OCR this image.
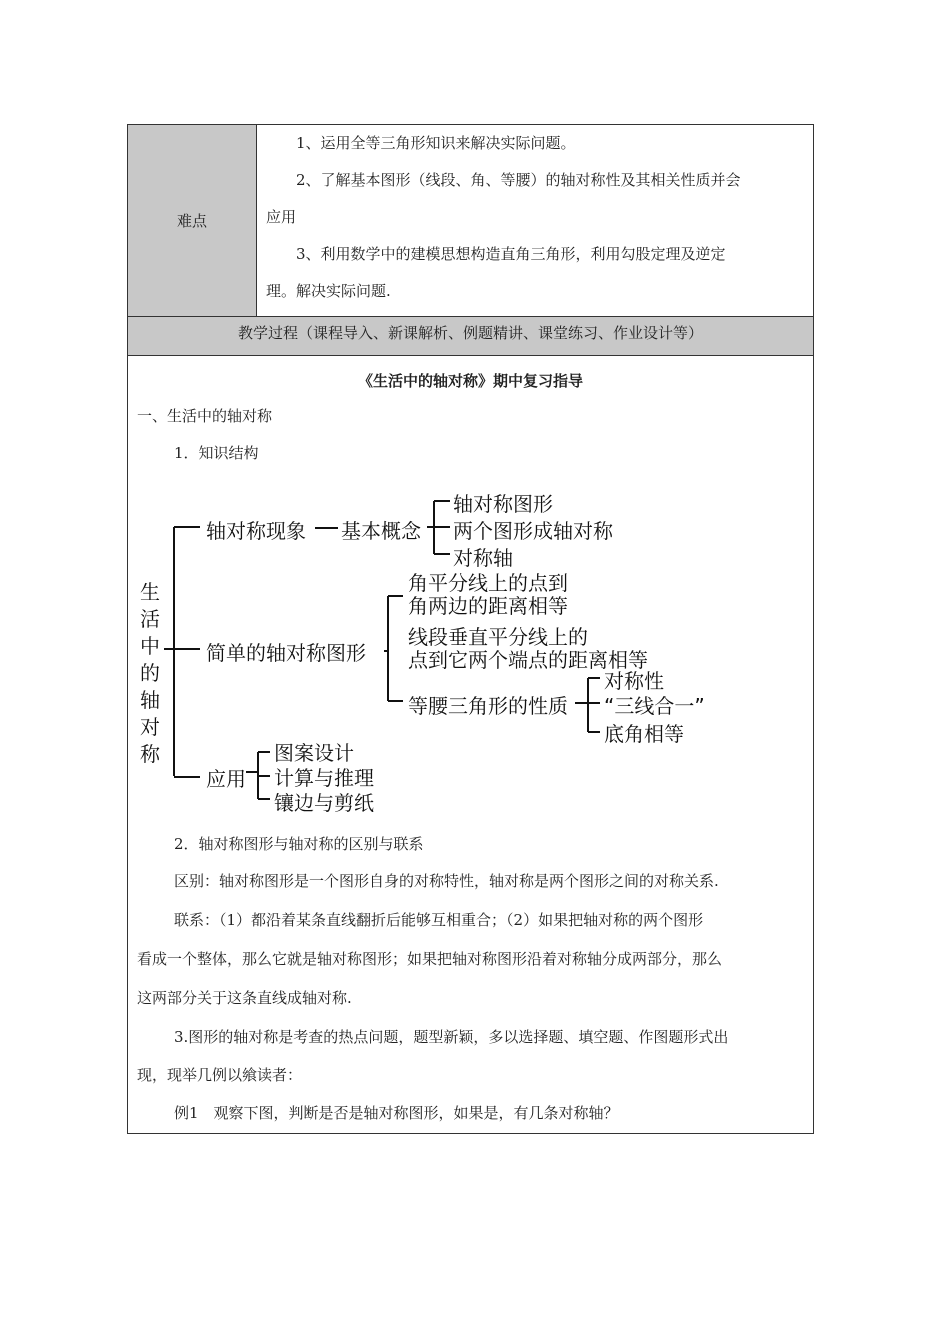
难点

1、运用全等三角形知识来解决实际问题。

2、了解基本图形（线段、角、等腰）的轴对称性及其相关性质并会

应用

3、利用数学中的建模思想构造直角三角形，利用勾股定理及逆定

理。解决实际问题.

教学过程（课程导入、新课解析、例题精讲、课堂练习、作业设计等）
《生活中的轴对称》期中复习指导
一、生活中的轴对称
1．知识结构
生活中的轴对称
轴对称现象 基本概念
轴对称图形
两个图形成轴对称
对称轴
简单的轴对称图形
角平分线上的点到
角两边的距离相等
线段垂直平分线上的
点到它两个端点的距离相等
等腰三角形的性质
对称性
“三线合一”
底角相等
应用
图案设计
计算与推理
镶边与剪纸
2．轴对称图形与轴对称的区别与联系
区别：轴对称图形是一个图形自身的对称特性，轴对称是两个图形之间的对称关系.
联系：（1）都沿着某条直线翻折后能够互相重合；（2）如果把轴对称的两个图形
看成一个整体，那么它就是轴对称图形；如果把轴对称图形沿着对称轴分成两部分，那么
这两部分关于这条直线成轴对称.
3.图形的轴对称是考查的热点问题，题型新颖，多以选择题、填空题、作图题形式出
现，现举几例以飨读者：
例1　观察下图，判断是否是轴对称图形，如果是，有几条对称轴？
